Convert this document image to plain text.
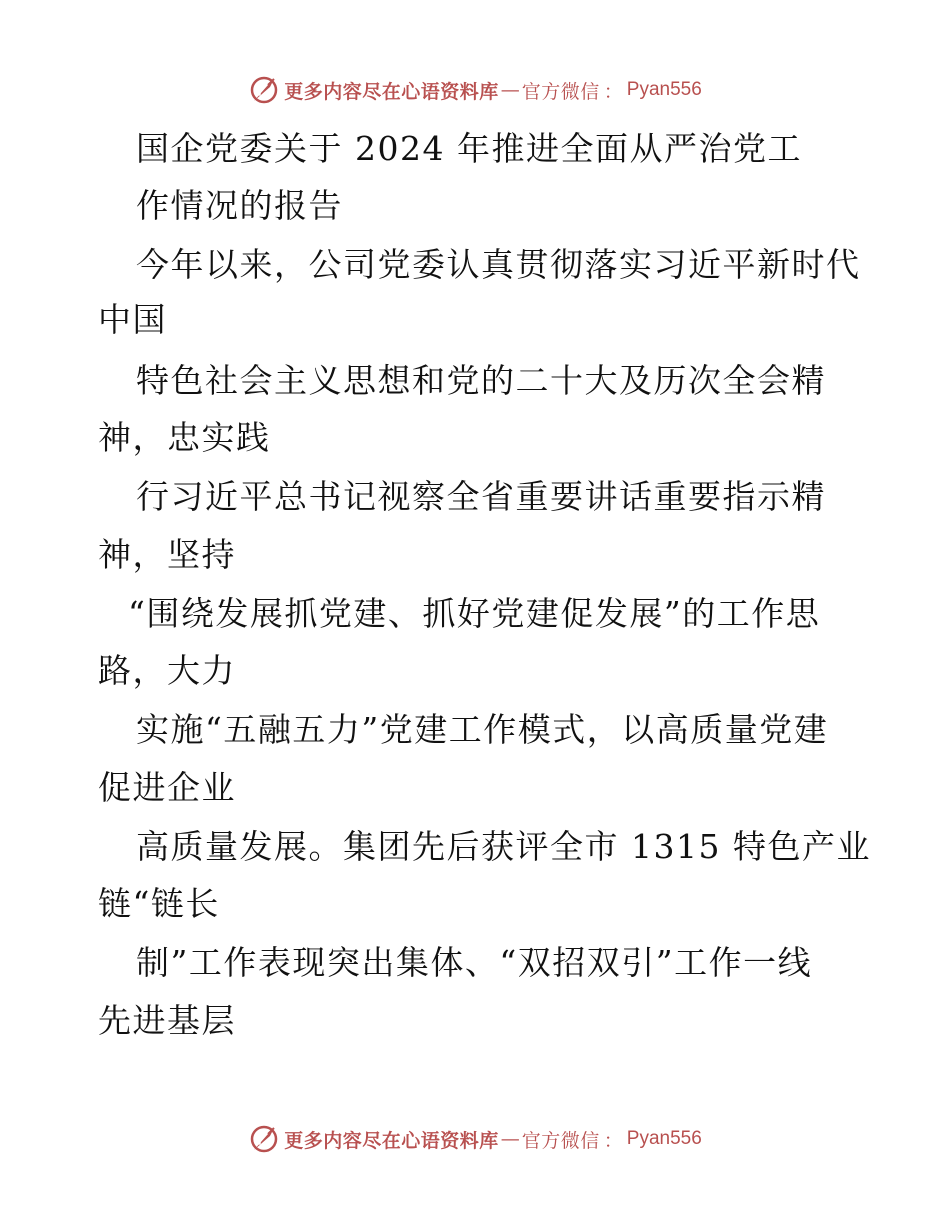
更多内容尽在心语资料库 — 官方微信 ： Pyan556
国企党委关于 2024 年推进全面从严治党工
作情况的报告
今年以来，公司党委认真贯彻落实习近平新时代
中国
特色社会主义思想和党的二十大及历次全会精
神，忠实践
行习近平总书记视察全省重要讲话重要指示精
神，坚持
“围绕发展抓党建、抓好党建促发展”的工作思
路，大力
实施“五融五力”党建工作模式，以高质量党建
促进企业
高质量发展。集团先后获评全市 1315 特色产业
链“链长
制”工作表现突出集体、“双招双引”工作一线
先进基层
更多内容尽在心语资料库 — 官方微信 ： Pyan556
